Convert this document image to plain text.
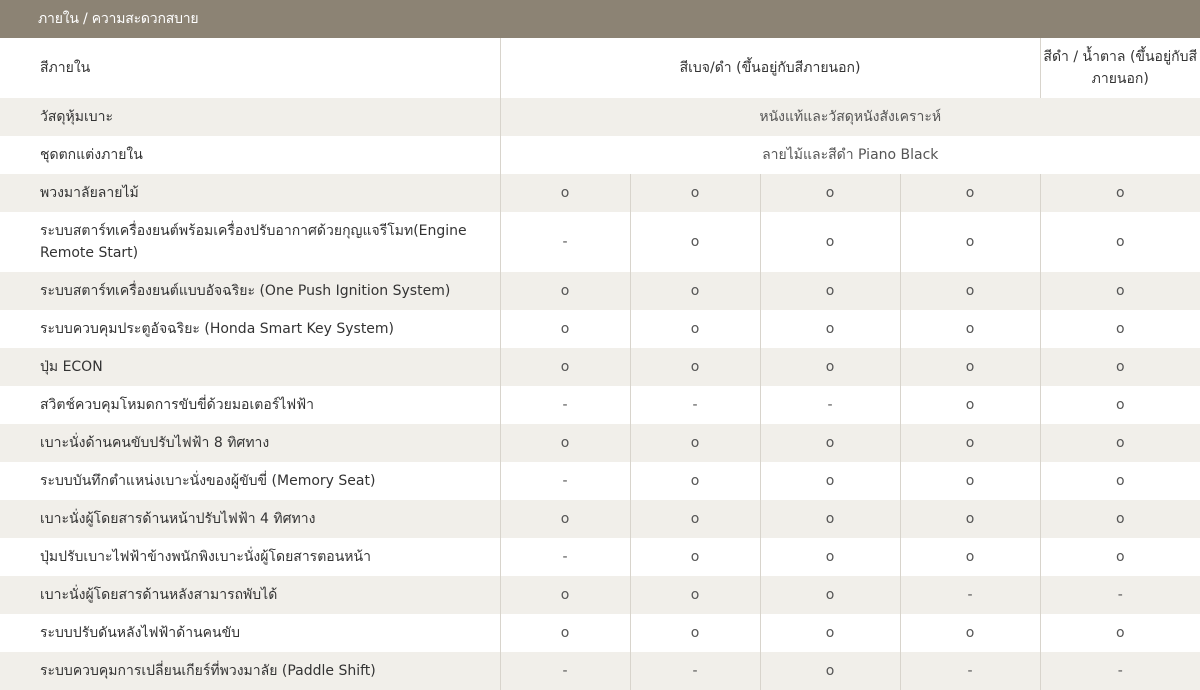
ภายใน / ความสะดวกสบาย
สีภายใน	สีเบจ/ดำ (ขึ้นอยู่กับสีภายนอก)				สีดำ / น้ำตาล (ขึ้นอยู่กับสีภายนอก)
วัสดุหุ้มเบาะ	หนังแท้และวัสดุหนังสังเคราะห์				
ชุดตกแต่งภายใน	ลายไม้และสีดำ Piano Black				
พวงมาลัยลายไม้	o	o	o	o	o
ระบบสตาร์ทเครื่องยนต์พร้อมเครื่องปรับอากาศด้วยกุญแจรีโมท(Engine Remote Start)	-	o	o	o	o
ระบบสตาร์ทเครื่องยนต์แบบอัจฉริยะ (One Push Ignition System)	o	o	o	o	o
ระบบควบคุมประตูอัจฉริยะ (Honda Smart Key System)	o	o	o	o	o
ปุ่ม ECON	o	o	o	o	o
สวิตช์ควบคุมโหมดการขับขี่ด้วยมอเตอร์ไฟฟ้า	-	-	-	o	o
เบาะนั่งด้านคนขับปรับไฟฟ้า 8 ทิศทาง	o	o	o	o	o
ระบบบันทึกตำแหน่งเบาะนั่งของผู้ขับขี่ (Memory Seat)	-	o	o	o	o
เบาะนั่งผู้โดยสารด้านหน้าปรับไฟฟ้า 4 ทิศทาง	o	o	o	o	o
ปุ่มปรับเบาะไฟฟ้าข้างพนักพิงเบาะนั่งผู้โดยสารตอนหน้า	-	o	o	o	o
เบาะนั่งผู้โดยสารด้านหลังสามารถพับได้	o	o	o	-	-
ระบบปรับดันหลังไฟฟ้าด้านคนขับ	o	o	o	o	o
ระบบควบคุมการเปลี่ยนเกียร์ที่พวงมาลัย (Paddle Shift)	-	-	o	-	-
